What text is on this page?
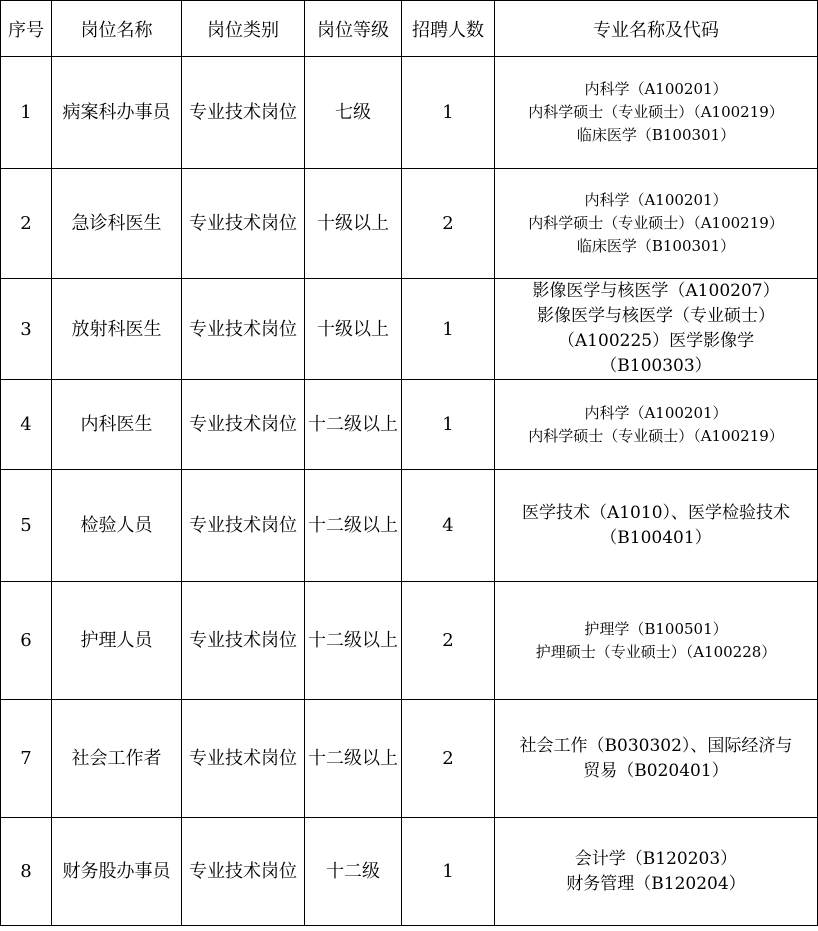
序号	岗位名称	岗位类别	岗位等级	招聘人数	专业名称及代码
1	病案科办事员	专业技术岗位	七级	1	内科学（A100201）
内科学硕士（专业硕士）（A100219）
临床医学（B100301）

2	急诊科医生	专业技术岗位	十级以上	2	内科学（A100201）
内科学硕士（专业硕士）（A100219）
临床医学（B100301）

3	放射科医生	专业技术岗位	十级以上	1	影像医学与核医学（A100207）
影像医学与核医学（专业硕士）
（A100225）医学影像学
（B100303）

4	内科医生	专业技术岗位	十二级以上	1	内科学（A100201）
内科学硕士（专业硕士）（A100219）

5	检验人员	专业技术岗位	十二级以上	4	医学技术（A1010）、医学检验技术
（B100401）

6	护理人员	专业技术岗位	十二级以上	2	护理学（B100501）
护理硕士（专业硕士）（A100228）

7	社会工作者	专业技术岗位	十二级以上	2	社会工作（B030302）、国际经济与
贸易（B020401）

8	财务股办事员	专业技术岗位	十二级	1	会计学（B120203）
财务管理（B120204）
